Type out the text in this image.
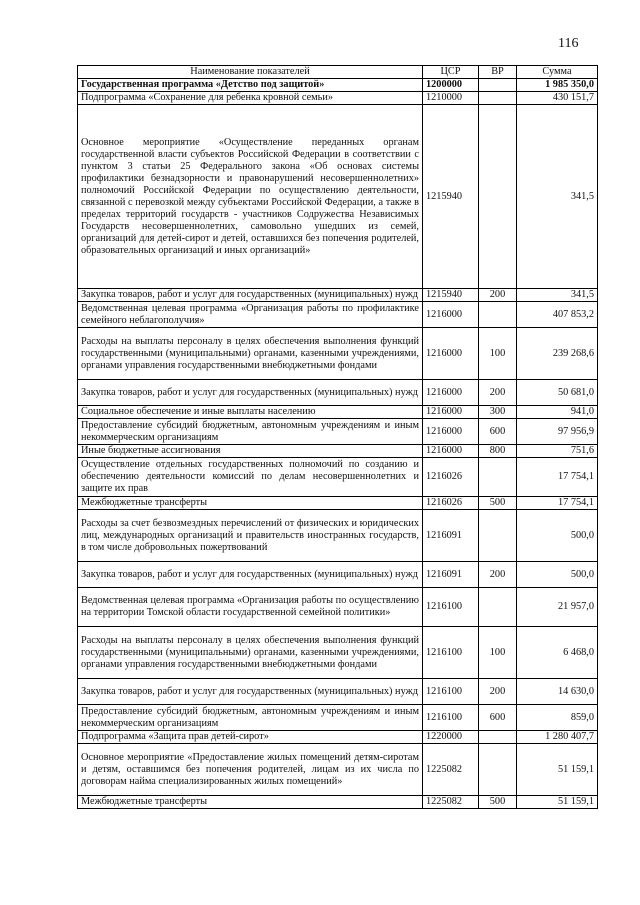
116
Наименование показателей	ЦСР	ВР	Сумма
Государственная программа «Детство под защитой»	1200000		1 985 350,0
Подпрограмма «Сохранение для ребенка кровной семьи»	1210000		430 151,7
Основное мероприятие «Осуществление переданных органам государственной власти субъектов Российской Федерации в соответствии с пунктом 3 статьи 25 Федерального закона «Об основах системы профилактики безнадзорности и правонарушений несовершеннолетних» полномочий Российской Федерации по осуществлению деятельности, связанной с перевозкой между субъектами Российской Федерации, а также в пределах территорий государств - участников Содружества Независимых Государств несовершеннолетних, самовольно ушедших из семей, организаций для детей-сирот и детей, оставшихся без попечения родителей, образовательных организаций и иных организаций»	1215940		341,5
Закупка товаров, работ и услуг для государственных (муниципальных) нужд	1215940	200	341,5
Ведомственная целевая программа «Организация работы по профилактике семейного неблагополучия»	1216000		407 853,2
Расходы на выплаты персоналу в целях обеспечения выполнения функций государственными (муниципальными) органами, казенными учреждениями, органами управления государственными внебюджетными фондами	1216000	100	239 268,6
Закупка товаров, работ и услуг для государственных (муниципальных) нужд	1216000	200	50 681,0
Социальное обеспечение и иные выплаты населению	1216000	300	941,0
Предоставление субсидий бюджетным, автономным учреждениям и иным некоммерческим организациям	1216000	600	97 956,9
Иные бюджетные ассигнования	1216000	800	751,6
Осуществление отдельных государственных полномочий по созданию и обеспечению деятельности комиссий по делам несовершеннолетних и защите их прав	1216026		17 754,1
Межбюджетные трансферты	1216026	500	17 754,1
Расходы за счет безвозмездных перечислений от физических и юридических лиц, международных организаций и правительств иностранных государств, в том числе добровольных пожертвований	1216091		500,0
Закупка товаров, работ и услуг для государственных (муниципальных) нужд	1216091	200	500,0
Ведомственная целевая программа «Организация работы по осуществлению на территории Томской области государственной семейной политики»	1216100		21 957,0
Расходы на выплаты персоналу в целях обеспечения выполнения функций государственными (муниципальными) органами, казенными учреждениями, органами управления государственными внебюджетными фондами	1216100	100	6 468,0
Закупка товаров, работ и услуг для государственных (муниципальных) нужд	1216100	200	14 630,0
Предоставление субсидий бюджетным, автономным учреждениям и иным некоммерческим организациям	1216100	600	859,0
Подпрограмма «Защита прав детей-сирот»	1220000		1 280 407,7
Основное мероприятие «Предоставление жилых помещений детям-сиротам и детям, оставшимся без попечения родителей, лицам из их числа по договорам найма специализированных жилых помещений»	1225082		51 159,1
Межбюджетные трансферты	1225082	500	51 159,1
